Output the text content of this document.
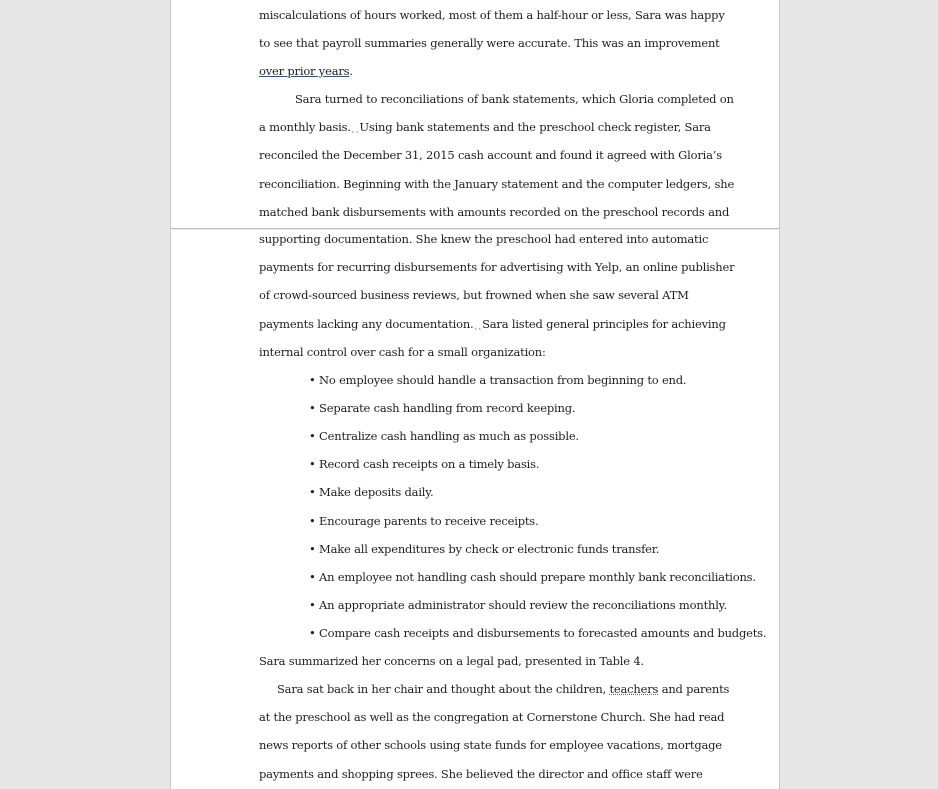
miscalculations of hours worked, most of them a half-hour or less, Sara was happy
to see that payroll summaries generally were accurate. This was an improvement
over prior years.
Sara turned to reconciliations of bank statements, which Gloria completed on
a monthly basis.˛˛Using bank statements and the preschool check register, Sara
reconciled the December 31, 2015 cash account and found it agreed with Gloria’s
reconciliation. Beginning with the January statement and the computer ledgers, she
matched bank disbursements with amounts recorded on the preschool records and
supporting documentation. She knew the preschool had entered into automatic
payments for recurring disbursements for advertising with Yelp, an online publisher
of crowd-sourced business reviews, but frowned when she saw several ATM
payments lacking any documentation.˛˛Sara listed general principles for achieving
internal control over cash for a small organization:
• No employee should handle a transaction from beginning to end.
• Separate cash handling from record keeping.
• Centralize cash handling as much as possible.
• Record cash receipts on a timely basis.
• Make deposits daily.
• Encourage parents to receive receipts.
• Make all expenditures by check or electronic funds transfer.
• An employee not handling cash should prepare monthly bank reconciliations.
• An appropriate administrator should review the reconciliations monthly.
• Compare cash receipts and disbursements to forecasted amounts and budgets.
Sara summarized her concerns on a legal pad, presented in Table 4.
Sara sat back in her chair and thought about the children, teachers and parents
at the preschool as well as the congregation at Cornerstone Church. She had read
news reports of other schools using state funds for employee vacations, mortgage
payments and shopping sprees. She believed the director and office staff were
